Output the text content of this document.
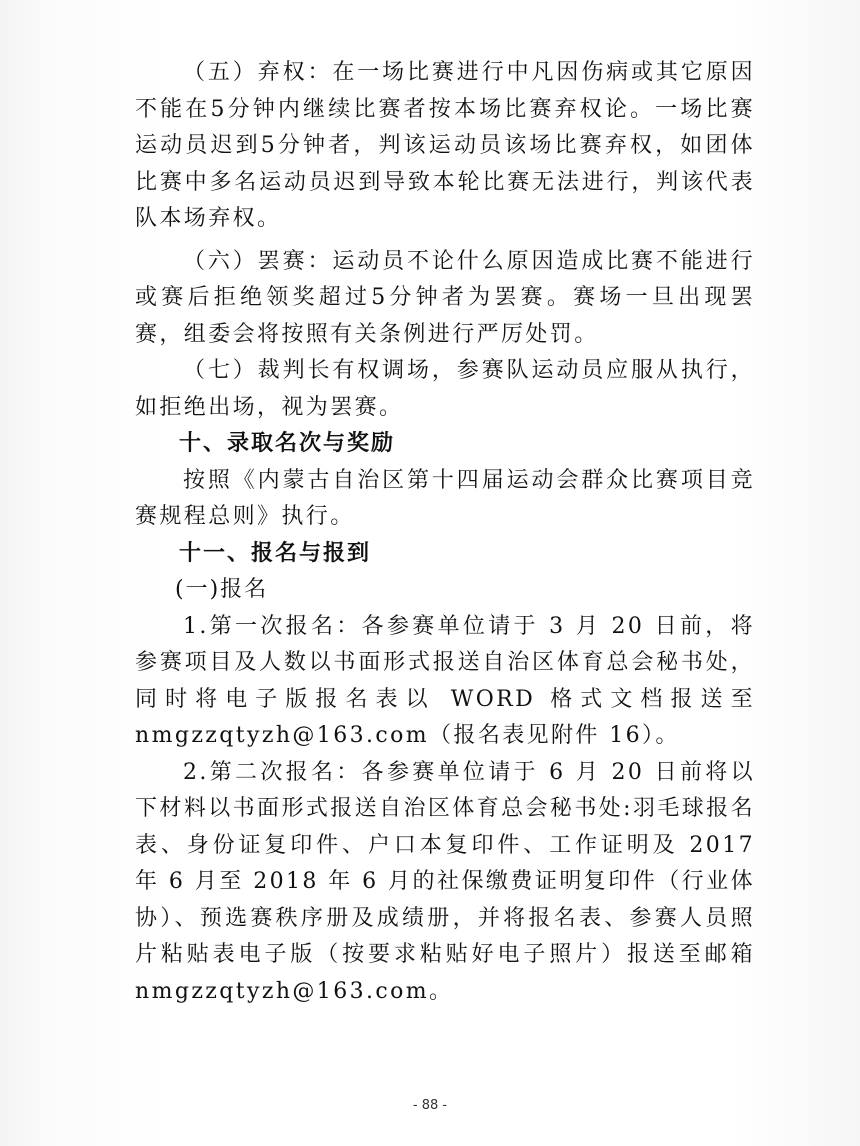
（五）弃权：在一场比赛进行中凡因伤病或其它原因不能在5分钟内继续比赛者按本场比赛弃权论。一场比赛运动员迟到5分钟者，判该运动员该场比赛弃权，如团体比赛中多名运动员迟到导致本轮比赛无法进行，判该代表队本场弃权。

（六）罢赛：运动员不论什么原因造成比赛不能进行或赛后拒绝领奖超过5分钟者为罢赛。赛场一旦出现罢赛，组委会将按照有关条例进行严厉处罚。

（七）裁判长有权调场，参赛队运动员应服从执行，如拒绝出场，视为罢赛。

十、录取名次与奖励

按照《内蒙古自治区第十四届运动会群众比赛项目竞赛规程总则》执行。

十一、报名与报到

(一)报名

1.第一次报名：各参赛单位请于 3 月 20 日前，将参赛项目及人数以书面形式报送自治区体育总会秘书处，同时将电子版报名表以 WORD 格式文档报送至 nmgzzqtyzh@163.com（报名表见附件 16）。

2.第二次报名：各参赛单位请于 6 月 20 日前将以下材料以书面形式报送自治区体育总会秘书处:羽毛球报名表、身份证复印件、户口本复印件、工作证明及 2017 年 6 月至 2018 年 6 月的社保缴费证明复印件（行业体协）、预选赛秩序册及成绩册，并将报名表、参赛人员照片粘贴表电子版（按要求粘贴好电子照片）报送至邮箱 nmgzzqtyzh@163.com。

- 88 -
